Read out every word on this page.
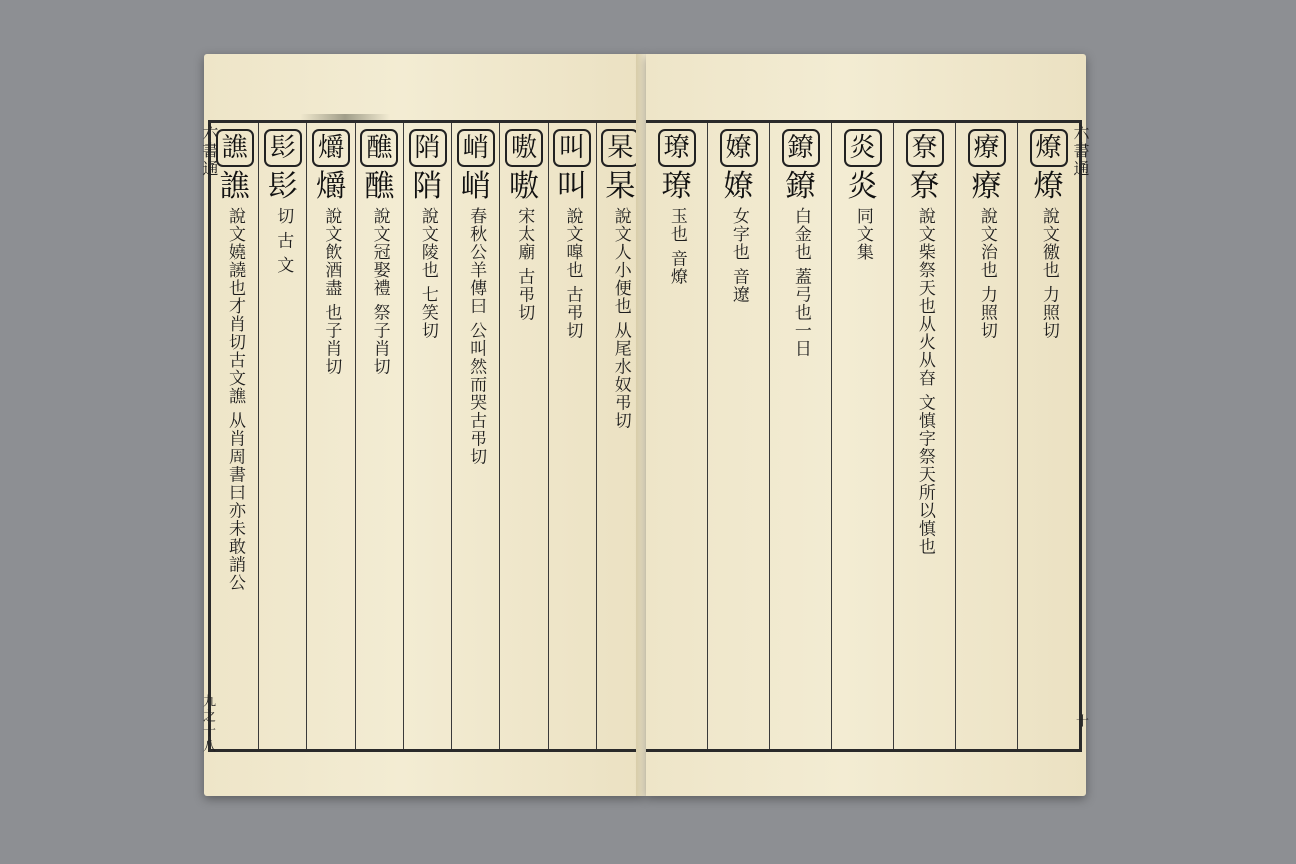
杲
杲
說文人小便也 从尾水奴弔切
叫
叫
說文嘷也 古弔切
嗷
嗷
宋太廟 古弔切
峭
峭
春秋公羊傳曰 公叫然而哭古弔切
陗
陗
說文陵也 七笑切
醮
醮
說文冠娶禮 祭子肖切
爝
爝
說文飲酒盡 也子肖切
髟
髟
切 古 文
譙
譙
說文嬈譊也才肖切古文譙 从肖周書曰亦未敢誚公
六書通
九之十八
燎
燎
說文徼也 力照切
療
療
說文治也 力照切
尞
尞
說文柴祭天也从火从昚 文慎字祭天所以慎也
炎
炎
同文集
鐐
鐐
白金也 蓋弓也一日
嫽
嫽
女字也 音遼
璙
璙
玉也 音燎
六書通
十
